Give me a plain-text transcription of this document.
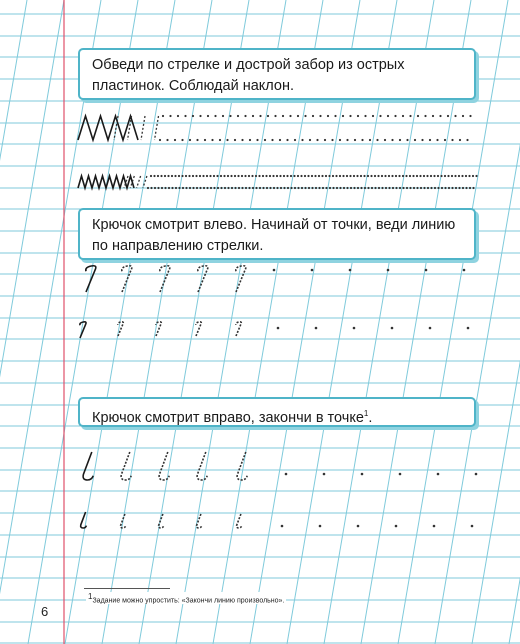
Обведи по стрелке и дострой забор из острых пластинок. Соблюдай наклон.
Крючок смотрит влево. Начинай от точки, веди линию по направлению стрелки.
Крючок смотрит вправо, закончи в точке$^1$.
$^1$Задание можно упростить: «Закончи линию произвольно».
6
